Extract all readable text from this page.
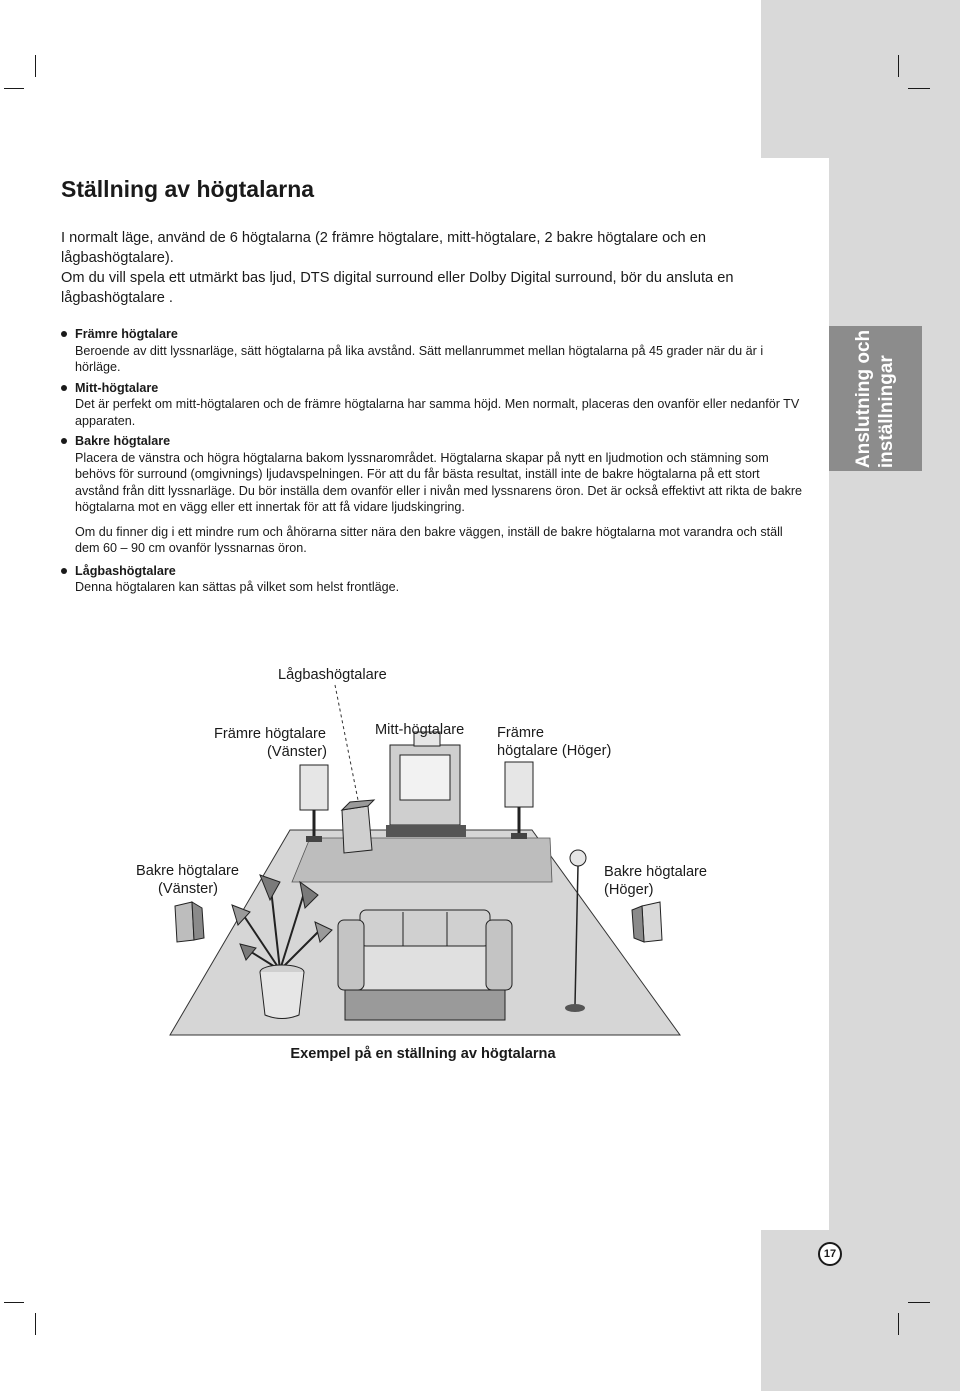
Anslutning och inställningar
Ställning av högtalarna

I normalt läge, använd de 6 högtalarna (2 främre högtalare, mitt-högtalare, 2 bakre högtalare och en lågbashögtalare).

Om du vill spela ett utmärkt bas ljud, DTS digital surround eller Dolby Digital surround, bör du ansluta en lågbashögtalare .

Främre högtalare
Beroende av ditt lyssnarläge, sätt högtalarna på lika avstånd. Sätt mellanrummet mellan högtalarna på 45 grader när du är i hörläge.
Mitt-högtalare
Det är perfekt om mitt-högtalaren och de främre högtalarna har samma höjd. Men normalt, placeras den ovanför eller nedanför TV apparaten.
Bakre högtalare
Placera de vänstra och högra högtalarna bakom lyssnarområdet. Högtalarna skapar på nytt en ljudmotion och stämning som behövs för surround (omgivnings) ljudavspelningen. För att du får bästa resultat, inställ inte de bakre högtalarna på ett stort avstånd från ditt lyssnarläge. Du bör inställa dem ovanför eller i nivån med lyssnarens öron. Det är också effektivt att rikta de bakre högtalarna mot en vägg eller ett innertak för att få vidare ljudskingring.
Om du finner dig i ett mindre rum och åhörarna sitter nära den bakre väggen, inställ de bakre högtalarna mot varandra och ställ dem 60 – 90 cm ovanför lyssnarnas öron.
Lågbashögtalare
Denna högtalaren kan sättas på vilket som helst frontläge.
Lågbashögtalare
Främre högtalare
(Vänster)
Mitt-högtalare Främre
högtalare (Höger)
Bakre högtalare
(Vänster)
Bakre högtalare
(Höger)
Exempel på en ställning av högtalarna
17
